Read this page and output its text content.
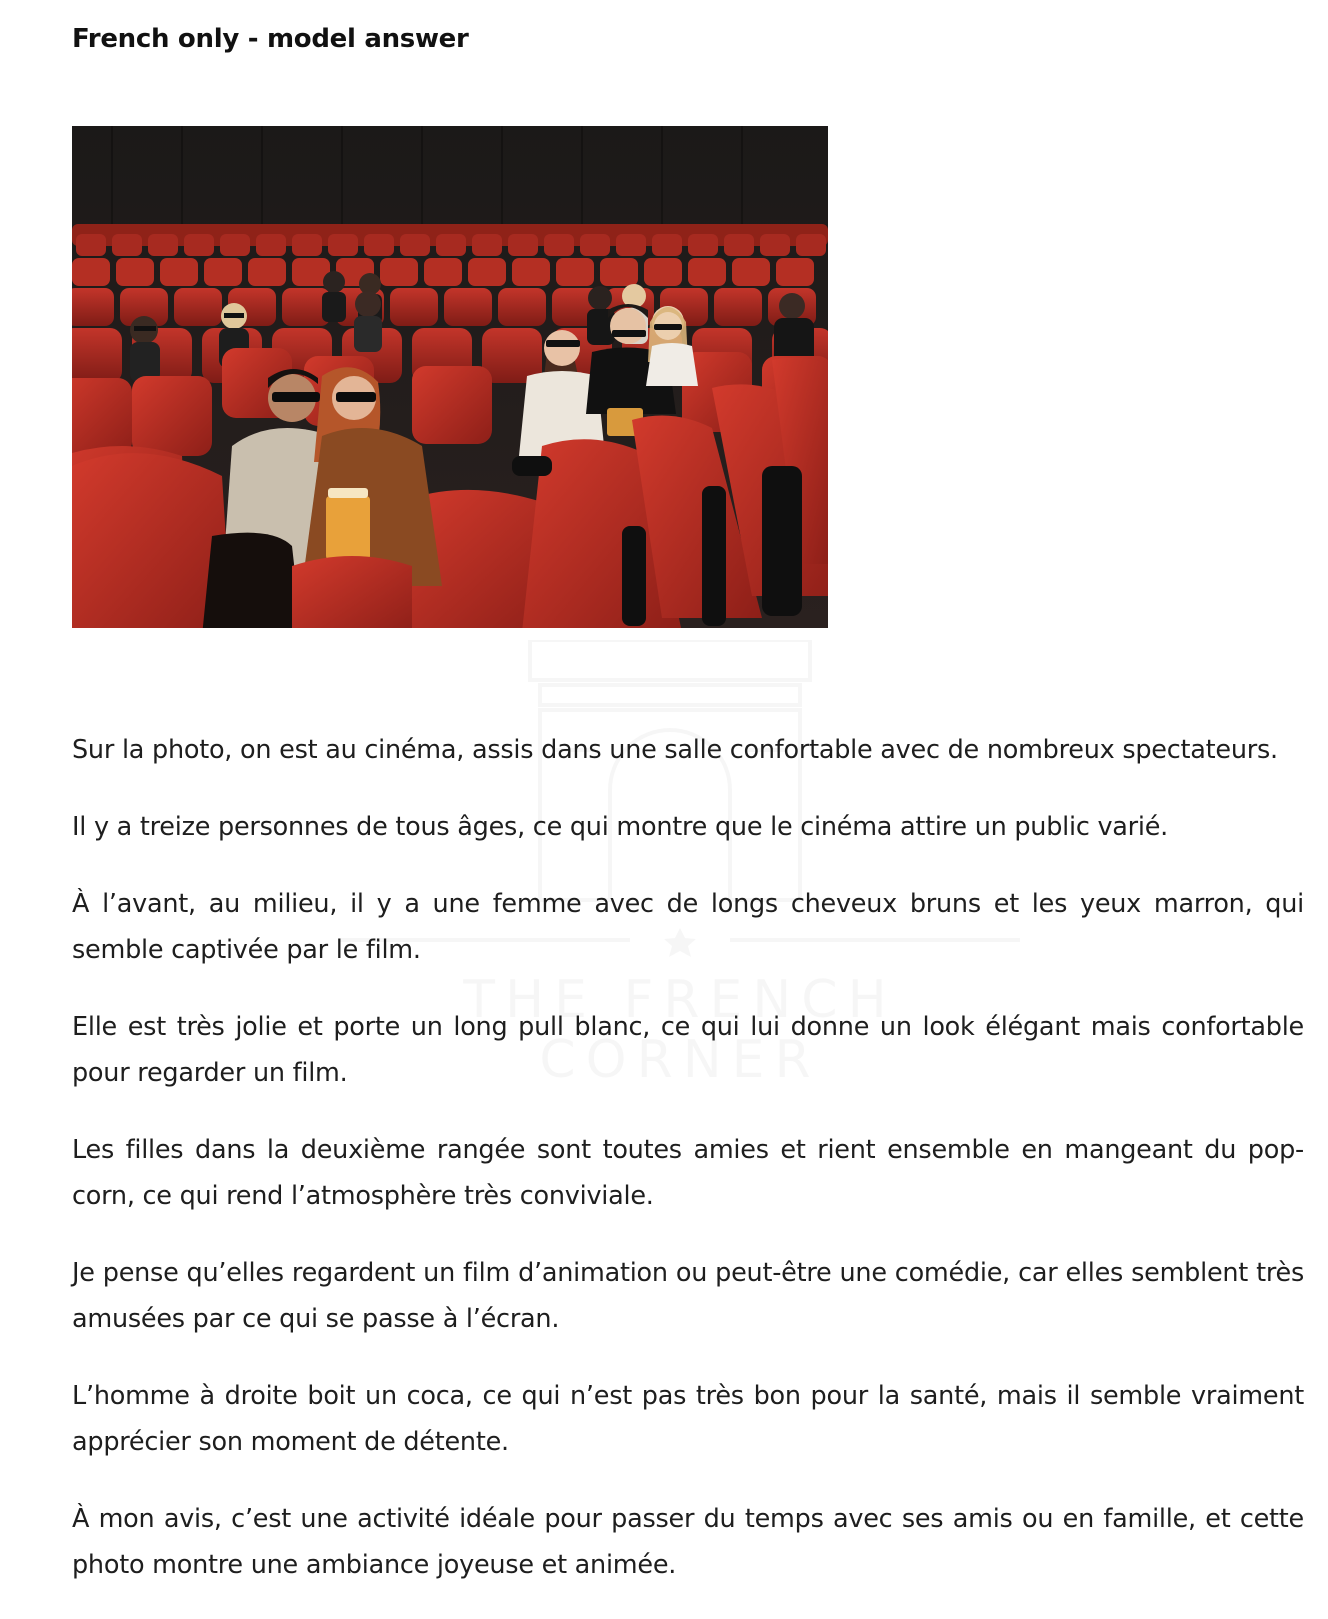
French only - model answer

Sur la photo, on est au cinéma, assis dans une salle confortable avec de nombreux spectateurs.

Il y a treize personnes de tous âges, ce qui montre que le cinéma attire un public varié.

À l’avant, au milieu, il y a une femme avec de longs cheveux bruns et les yeux marron, qui semble captivée par le film.

Elle est très jolie et porte un long pull blanc, ce qui lui donne un look élégant mais confortable pour regarder un film.

Les filles dans la deuxième rangée sont toutes amies et rient ensemble en mangeant du pop-corn, ce qui rend l’atmosphère très conviviale.

Je pense qu’elles regardent un film d’animation ou peut-être une comédie, car elles semblent très amusées par ce qui se passe à l’écran.

L’homme à droite boit un coca, ce qui n’est pas très bon pour la santé, mais il semble vraiment apprécier son moment de détente.

À mon avis, c’est une activité idéale pour passer du temps avec ses amis ou en famille, et cette photo montre une ambiance joyeuse et animée.
